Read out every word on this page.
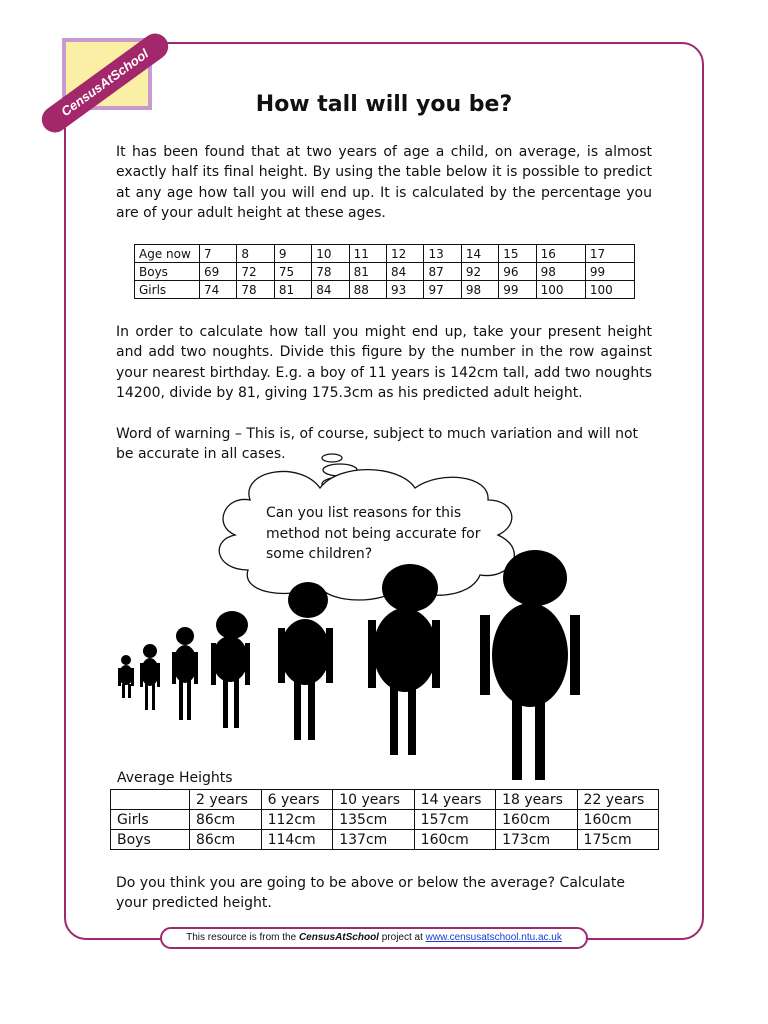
CensusAtSchool	How tall will you be?

It has been found that at two years of age a child, on average, is almost exactly half its final height. By using the table below it is possible to predict at any age how tall you will end up. It is calculated by the percentage you are of your adult height at these ages.

Age now	7	8	9	10	11	12	13	14	15	16	17
Boys	69	72	75	78	81	84	87	92	96	98	99
Girls	74	78	81	84	88	93	97	98	99	100	100

In order to calculate how tall you might end up, take your present height and add two noughts. Divide this figure by the number in the row against your nearest birthday. E.g. a boy of 11 years is 142cm tall, add two noughts 14200, divide by 81, giving 175.3cm as his predicted adult height.

Word of warning – This is, of course, subject to much variation and will not be accurate in all cases.

Can you list reasons for this method not being accurate for some children?
Average Heights
	2 years	6 years	10 years	14 years	18 years	22 years
Girls	86cm	112cm	135cm	157cm	160cm	160cm
Boys	86cm	114cm	137cm	160cm	173cm	175cm

Do you think you are going to be above or below the average? Calculate your predicted height.

This resource is from the CensusAtSchool project at www.censusatschool.ntu.ac.uk
